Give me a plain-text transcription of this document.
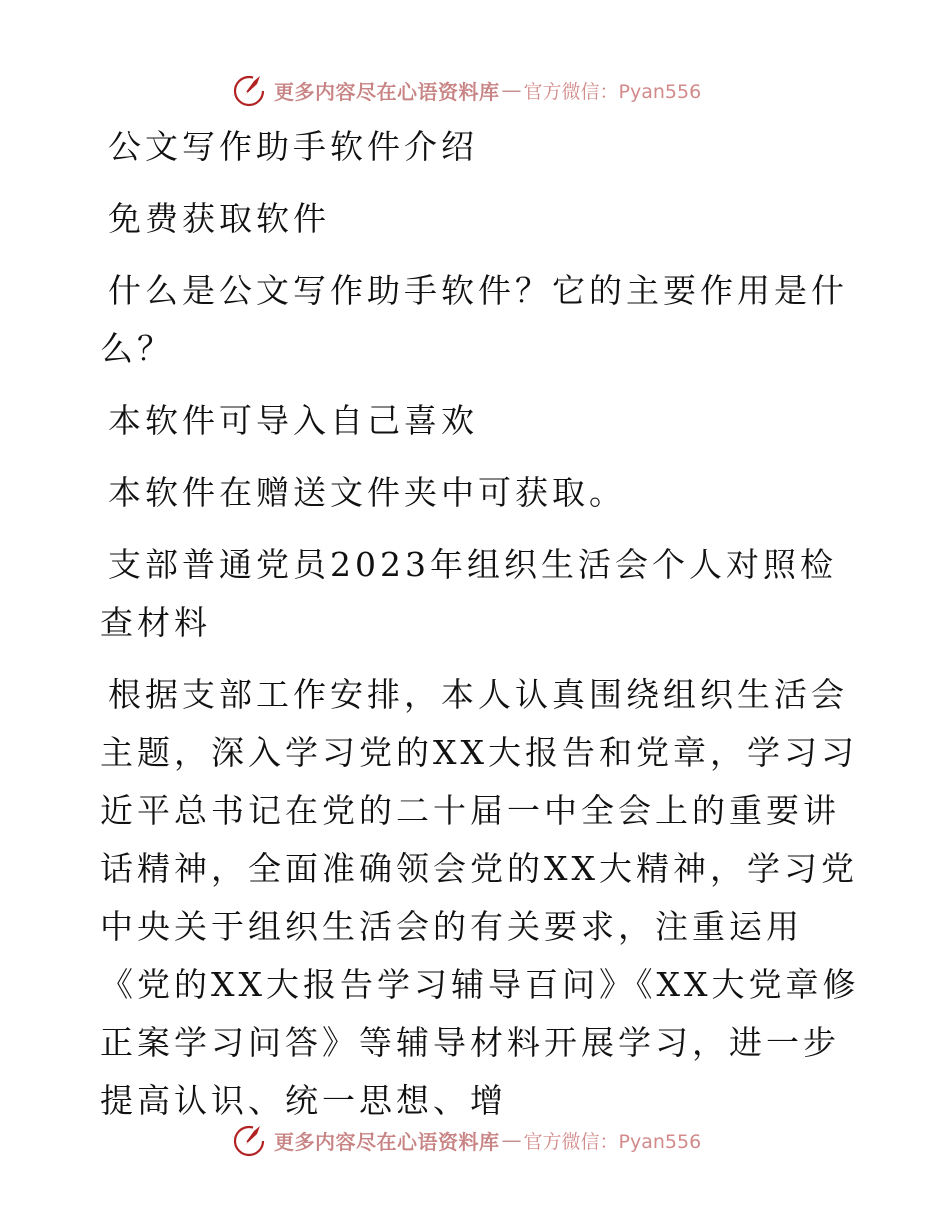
更多内容尽在心语资料库 — 官方微信：Pyan556

公文写作助手软件介绍

免费获取软件

什么是公文写作助手软件？它的主要作用是什么？

本软件可导入自己喜欢

本软件在赠送文件夹中可获取。

支部普通党员2023年组织生活会个人对照检查材料

根据支部工作安排，本人认真围绕组织生活会主题，深入学习党的XX大报告和党章，学习习近平总书记在党的二十届一中全会上的重要讲话精神，全面准确领会党的XX大精神，学习党中央关于组织生活会的有关要求，注重运用《党的XX大报告学习辅导百问》《XX大党章修正案学习问答》等辅导材料开展学习，进一步提高认识、统一思想、增

更多内容尽在心语资料库 — 官方微信：Pyan556
